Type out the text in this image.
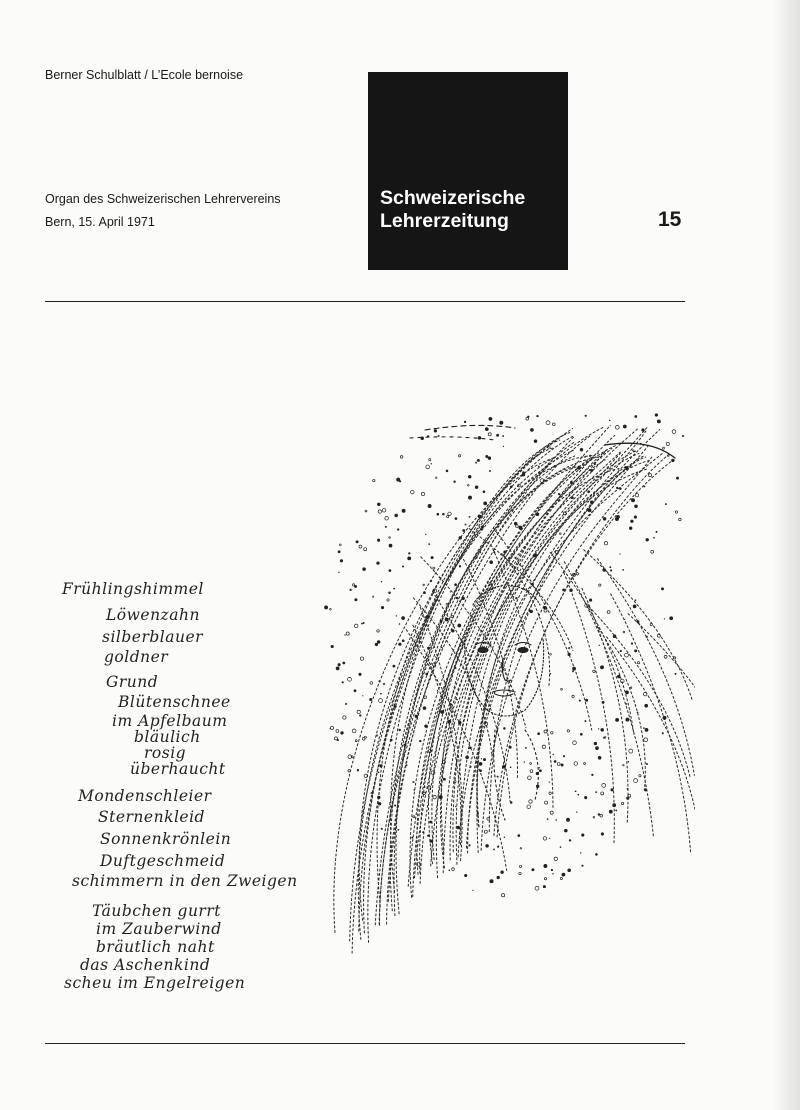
Berner Schulblatt / L’Ecole bernoise
Organ des Schweizerischen Lehrervereins
Bern, 15. April 1971
Schweizerische
Lehrerzeitung	15
Frühlingshimmel
Löwenzahn
silberblauer
goldner
Grund
Blütenschnee
im Apfelbaum
bläulich
rosig
überhaucht
Mondenschleier
Sternenkleid
Sonnenkrönlein
Duftgeschmeid
schimmern in den Zweigen
Täubchen gurrt
im Zauberwind
bräutlich naht
das Aschenkind
scheu im Engelreigen
